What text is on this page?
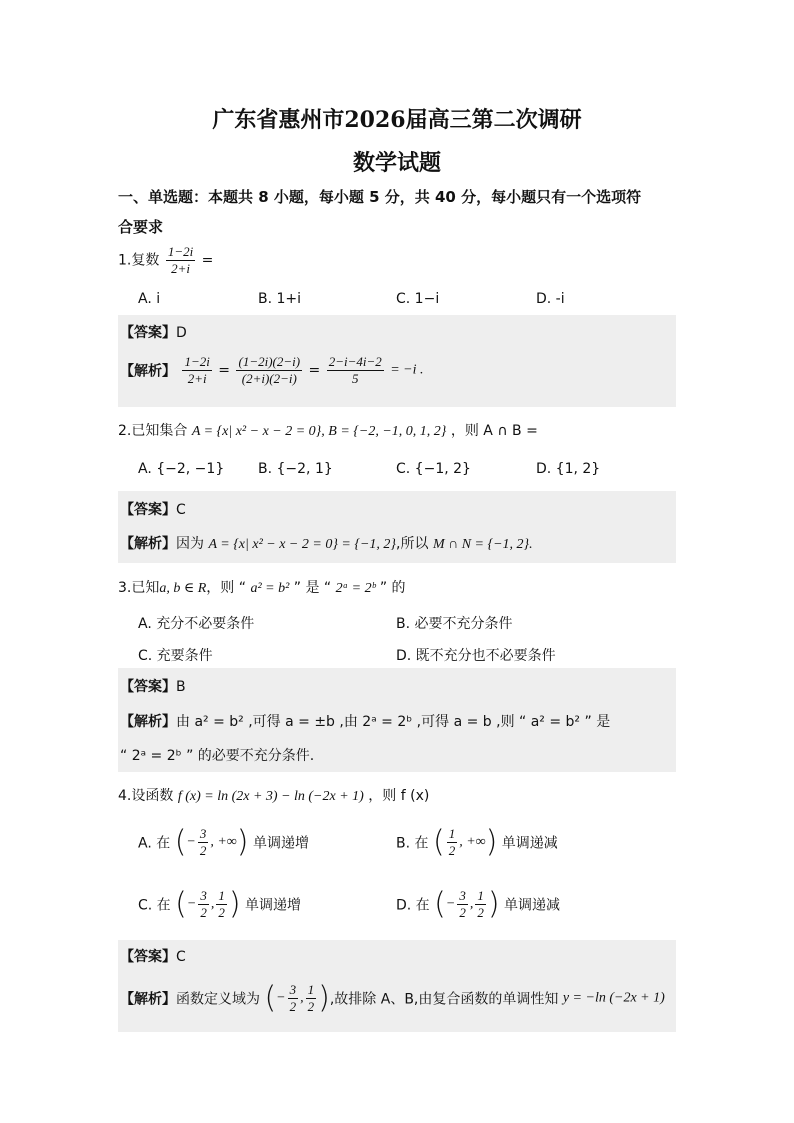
广东省惠州市2026届高三第二次调研
数学试题
一、单选题：本题共 8 小题，每小题 5 分，共 40 分，每小题只有一个选项符
合要求
1.复数 $\frac{1-2i}{2+i}$ =
A. i	B. 1+i	C. 1−i	D. -i
【答案】D
【解析】 $\frac{1-2i}{2+i} = \frac{(1-2i)(2-i)}{(2+i)(2-i)} = \frac{2-i-4i-2}{5} = -i$ .
2.已知集合 A = {x| x² − x − 2 = 0}, B = {−2, −1, 0, 1, 2} ，则 A ∩ B =
A. {−2, −1} B. {−2, 1}	C. {−1, 2}	D. {1, 2}
【答案】C
【解析】因为 A = {x| x² − x − 2 = 0} = {−1, 2},所以 M ∩ N = {−1, 2}.
3.已知a, b ∈ R，则 “ a² = b² ” 是 “ 2ᵃ = 2ᵇ ” 的
A. 充分不必要条件	B. 必要不充分条件
C. 充要条件	D. 既不充分也不必要条件
【答案】B
【解析】由 a² = b² ,可得 a = ±b ,由 2ᵃ = 2ᵇ ,可得 a = b ,则 “ a² = b² ” 是
“ 2ᵃ = 2ᵇ ” 的必要不充分条件.
4.设函数 f (x) = ln (2x + 3) − ln (−2x + 1) ，则 f (x)
A. 在 (− $\frac{3}{2}$ , +∞) 单调递增	B. 在 ( $\frac{1}{2}$ , +∞) 单调递减
C. 在 (− $\frac{3}{2}$ , $\frac{1}{2}$ ) 单调递增	D. 在 (− $\frac{3}{2}$ , $\frac{1}{2}$ ) 单调递减
【答案】C
【解析】函数定义域为 (− $\frac{3}{2}$ , $\frac{1}{2}$ ),故排除 A、B,由复合函数的单调性知 y = −ln (−2x + 1)
